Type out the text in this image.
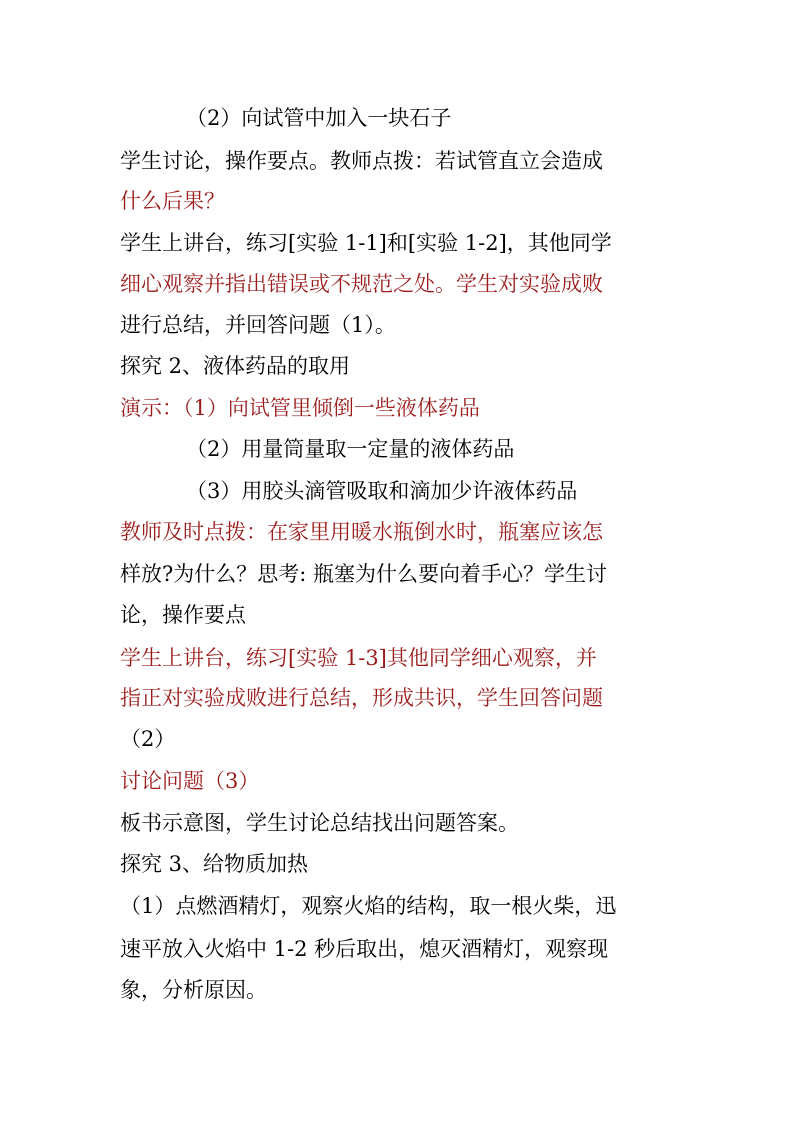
（2）向试管中加入一块石子
学生讨论，操作要点。教师点拨：若试管直立会造成
什么后果？
学生上讲台，练习[实验 1-1]和[实验 1-2]，其他同学
细心观察并指出错误或不规范之处。学生对实验成败
进行总结，并回答问题（1）。
探究 2、液体药品的取用
演示：（1）向试管里倾倒一些液体药品
（2）用量筒量取一定量的液体药品
（3）用胶头滴管吸取和滴加少许液体药品
教师及时点拨：在家里用暖水瓶倒水时，瓶塞应该怎
样放?为什么？思考: 瓶塞为什么要向着手心？学生讨
论，操作要点
学生上讲台，练习[实验 1-3]其他同学细心观察，并
指正对实验成败进行总结，形成共识，学生回答问题
（2）
讨论问题（3）
板书示意图，学生讨论总结找出问题答案。
探究 3、给物质加热
（1）点燃酒精灯，观察火焰的结构，取一根火柴，迅
速平放入火焰中 1-2 秒后取出，熄灭酒精灯，观察现
象，分析原因。
